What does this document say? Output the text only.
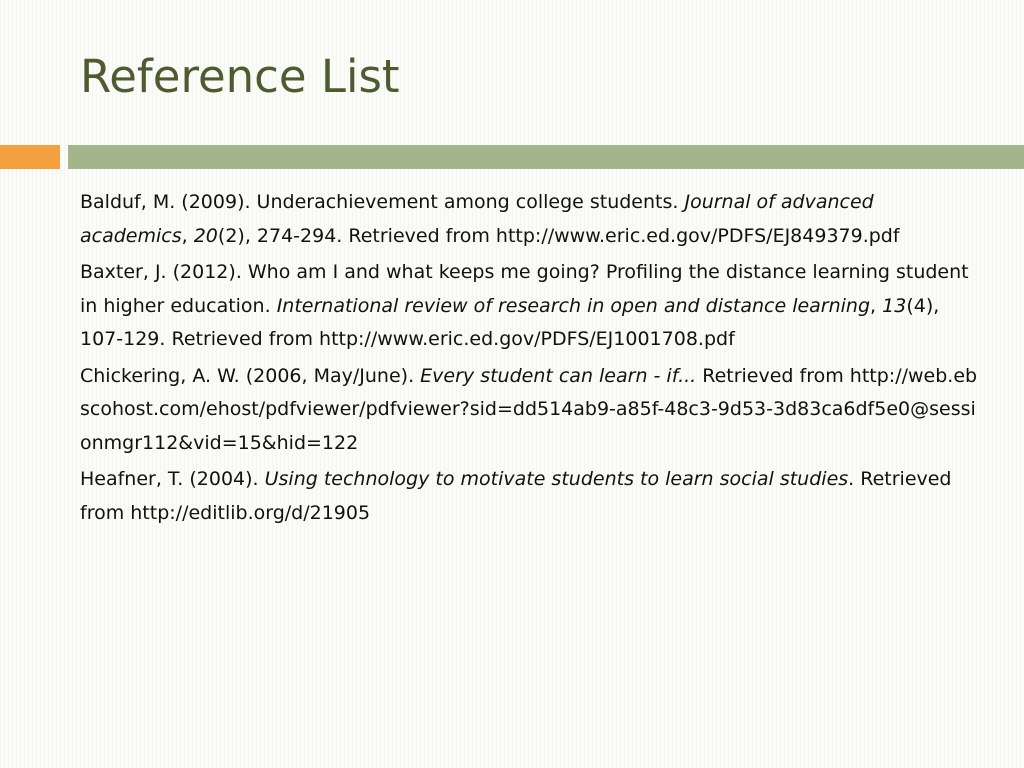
Reference List
Balduf, M. (2009). Underachievement among college students. Journal of advanced academics, 20(2), 274-294. Retrieved from http://www.eric.ed.gov/PDFS/EJ849379.pdf
Baxter, J. (2012). Who am I and what keeps me going? Profiling the distance learning student in higher education. International review of research in open and distance learning, 13(4), 107-129. Retrieved from http://www.eric.ed.gov/PDFS/EJ1001708.pdf
Chickering, A. W. (2006, May/June). Every student can learn - if... Retrieved from http://web.ebscohost.com/ehost/pdfviewer/pdfviewer?sid=dd514ab9-a85f-48c3-9d53-3d83ca6df5e0@sessionmgr112&vid=15&hid=122
Heafner, T. (2004). Using technology to motivate students to learn social studies. Retrieved from http://editlib.org/d/21905
